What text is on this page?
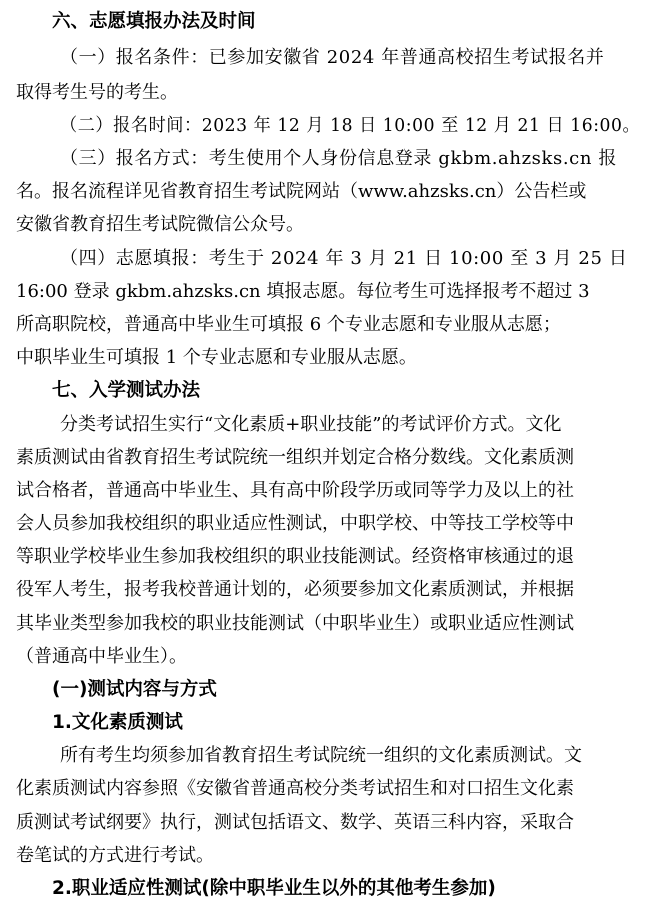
六、志愿填报办法及时间
（一）报名条件：已参加安徽省 2024 年普通高校招生考试报名并
取得考生号的考生。
（二）报名时间：2023 年 12 月 18 日 10:00 至 12 月 21 日 16:00。
（三）报名方式：考生使用个人身份信息登录 gkbm.ahzsks.cn 报
名。报名流程详见省教育招生考试院网站（www.ahzsks.cn）公告栏或
安徽省教育招生考试院微信公众号。
（四）志愿填报：考生于 2024 年 3 月 21 日 10:00 至 3 月 25 日
16:00 登录 gkbm.ahzsks.cn 填报志愿。每位考生可选择报考不超过 3
所高职院校，普通高中毕业生可填报 6 个专业志愿和专业服从志愿；
中职毕业生可填报 1 个专业志愿和专业服从志愿。
七、入学测试办法
分类考试招生实行“文化素质+职业技能”的考试评价方式。文化
素质测试由省教育招生考试院统一组织并划定合格分数线。文化素质测
试合格者，普通高中毕业生、具有高中阶段学历或同等学力及以上的社
会人员参加我校组织的职业适应性测试，中职学校、中等技工学校等中
等职业学校毕业生参加我校组织的职业技能测试。经资格审核通过的退
役军人考生，报考我校普通计划的，必须要参加文化素质测试，并根据
其毕业类型参加我校的职业技能测试（中职毕业生）或职业适应性测试
（普通高中毕业生）。
(一)测试内容与方式
1.文化素质测试
所有考生均须参加省教育招生考试院统一组织的文化素质测试。文
化素质测试内容参照《安徽省普通高校分类考试招生和对口招生文化素
质测试考试纲要》执行，测试包括语文、数学、英语三科内容，采取合
卷笔试的方式进行考试。
2.职业适应性测试(除中职毕业生以外的其他考生参加)
